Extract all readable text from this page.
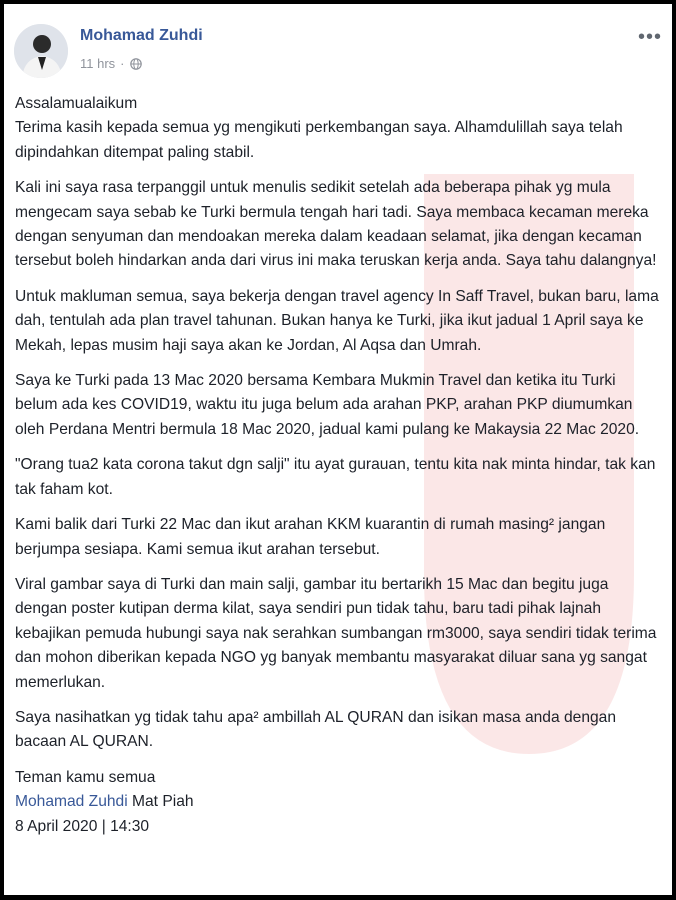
Mohamad Zuhdi
11 hrs ·
•••

Assalamualaikum
Terima kasih kepada semua yg mengikuti perkembangan saya. Alhamdulillah saya telah dipindahkan ditempat paling stabil.

Kali ini saya rasa terpanggil untuk menulis sedikit setelah ada beberapa pihak yg mula mengecam saya sebab ke Turki bermula tengah hari tadi. Saya membaca kecaman mereka dengan senyuman dan mendoakan mereka dalam keadaan selamat, jika dengan kecaman tersebut boleh hindarkan anda dari virus ini maka teruskan kerja anda. Saya tahu dalangnya!

Untuk makluman semua, saya bekerja dengan travel agency In Saff Travel, bukan baru, lama dah, tentulah ada plan travel tahunan. Bukan hanya ke Turki, jika ikut jadual 1 April saya ke Mekah, lepas musim haji saya akan ke Jordan, Al Aqsa dan Umrah.

Saya ke Turki pada 13 Mac 2020 bersama Kembara Mukmin Travel dan ketika itu Turki belum ada kes COVID19, waktu itu juga belum ada arahan PKP, arahan PKP diumumkan oleh Perdana Mentri bermula 18 Mac 2020, jadual kami pulang ke Makaysia 22 Mac 2020.

"Orang tua2 kata corona takut dgn salji" itu ayat gurauan, tentu kita nak minta hindar, tak kan tak faham kot.

Kami balik dari Turki 22 Mac dan ikut arahan KKM kuarantin di rumah masing² jangan berjumpa sesiapa. Kami semua ikut arahan tersebut.

Viral gambar saya di Turki dan main salji, gambar itu bertarikh 15 Mac dan begitu juga dengan poster kutipan derma kilat, saya sendiri pun tidak tahu, baru tadi pihak lajnah kebajikan pemuda hubungi saya nak serahkan sumbangan rm3000, saya sendiri tidak terima dan mohon diberikan kepada NGO yg banyak membantu masyarakat diluar sana yg sangat memerlukan.

Saya nasihatkan yg tidak tahu apa² ambillah AL QURAN dan isikan masa anda dengan bacaan AL QURAN.

Teman kamu semua
Mohamad Zuhdi Mat Piah
8 April 2020 | 14:30
